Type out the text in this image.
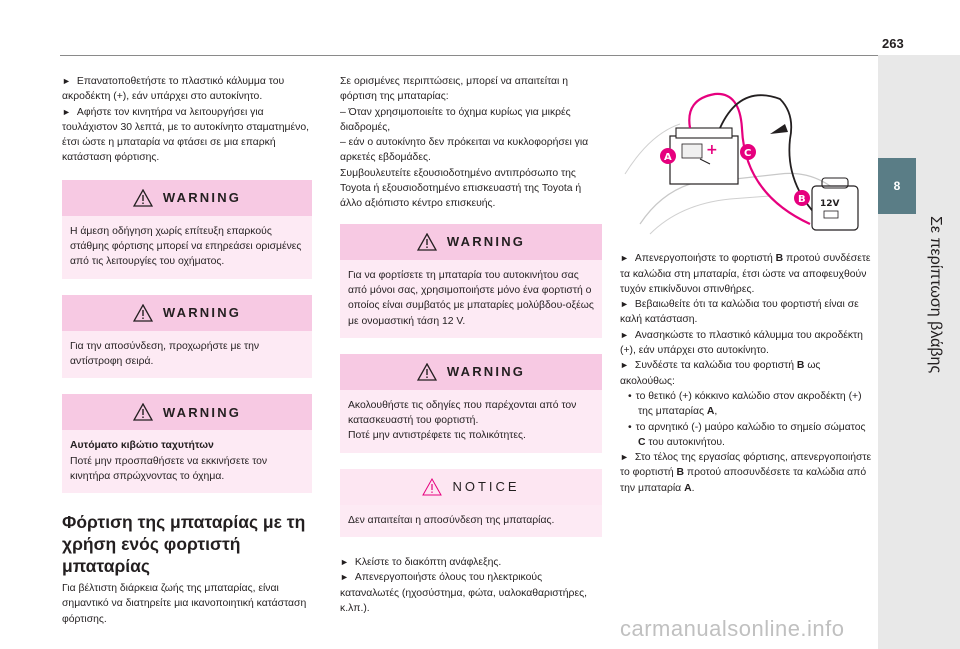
263
8
Σε περίπτωση βλάβης
► Επανατοποθετήστε το πλαστικό κάλυμμα του ακροδέκτη (+), εάν υπάρχει στο αυτοκίνητο.
► Αφήστε τον κινητήρα να λειτουργήσει για τουλάχιστον 30 λεπτά, με το αυτοκίνητο σταματημένο, έτσι ώστε η μπαταρία να φτάσει σε μια επαρκή κατάσταση φόρτισης.
WARNING
Η άμεση οδήγηση χωρίς επίτευξη επαρκούς στάθμης φόρτισης μπορεί να επηρεάσει ορισμένες από τις λειτουργίες του οχήματος.
WARNING
Για την αποσύνδεση, προχωρήστε με την αντίστροφη σειρά.
WARNING
Αυτόματο κιβώτιο ταχυτήτων
Ποτέ μην προσπαθήσετε να εκκινήσετε τον κινητήρα σπρώχνοντας το όχημα.
Φόρτιση της μπαταρίας με τη χρήση ενός φορτιστή μπαταρίας
Για βέλτιστη διάρκεια ζωής της μπαταρίας, είναι σημαντικό να διατηρείτε μια ικανοποιητική κατάσταση φόρτισης.
Σε ορισμένες περιπτώσεις, μπορεί να απαιτείται η φόρτιση της μπαταρίας:
– Όταν χρησιμοποιείτε το όχημα κυρίως για μικρές διαδρομές,
– εάν ο αυτοκίνητο δεν πρόκειται να κυκλοφορήσει για αρκετές εβδομάδες.
Συμβουλευτείτε εξουσιοδοτημένο αντιπρόσωπο της Toyota ή εξουσιοδοτημένο επισκευαστή της Toyota ή άλλο αξιόπιστο κέντρο επισκευής.
WARNING
Για να φορτίσετε τη μπαταρία του αυτοκινήτου σας από μόνοι σας, χρησιμοποιήστε μόνο ένα φορτιστή ο οποίος είναι συμβατός με μπαταρίες μολύβδου-οξέως με ονομαστική τάση 12 V.
WARNING
Ακολουθήστε τις οδηγίες που παρέχονται από τον κατασκευαστή του φορτιστή.
Ποτέ μην αντιστρέφετε τις πολικότητες.
NOTICE
Δεν απαιτείται η αποσύνδεση της μπαταρίας.
► Κλείστε το διακόπτη ανάφλεξης.
► Απενεργοποιήστε όλους του ηλεκτρικούς καταναλωτές (ηχοσύστημα, φώτα, υαλοκαθαριστήρες, κ.λπ.).
+
12V
A	C
B
► Απενεργοποιήστε το φορτιστή B προτού συνδέσετε τα καλώδια στη μπαταρία, έτσι ώστε να αποφευχθούν τυχόν επικίνδυνοι σπινθήρες.
► Βεβαιωθείτε ότι τα καλώδια του φορτιστή είναι σε καλή κατάσταση.
► Ανασηκώστε το πλαστικό κάλυμμα του ακροδέκτη (+), εάν υπάρχει στο αυτοκίνητο.
► Συνδέστε τα καλώδια του φορτιστή B ως ακολούθως:
• το θετικό (+) κόκκινο καλώδιο στον ακροδέκτη (+) της μπαταρίας A,
• το αρνητικό (-) μαύρο καλώδιο το σημείο σώματος C του αυτοκινήτου.
► Στο τέλος της εργασίας φόρτισης, απενεργοποιήστε το φορτιστή B προτού αποσυνδέσετε τα καλώδια από την μπαταρία A.
carmanualsonline.info
